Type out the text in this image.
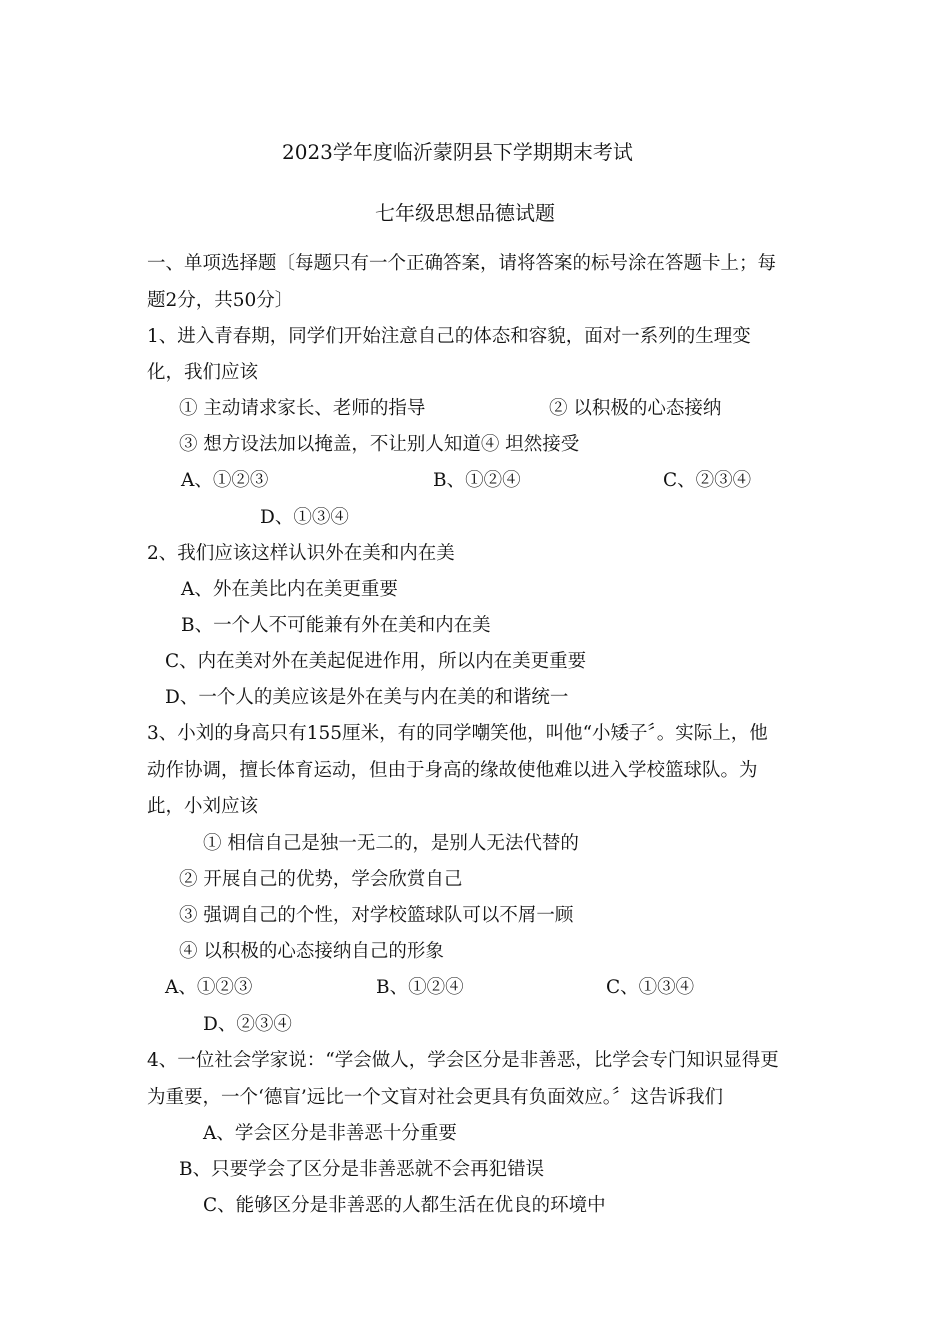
2023学年度临沂蒙阴县下学期期末考试
七年级思想品德试题
一、单项选择题〔每题只有一个正确答案，请将答案的标号涂在答题卡上；每
题2分，共50分〕
1、进入青春期，同学们开始注意自己的体态和容貌，面对一系列的生理变
化，我们应该
① 主动请求家长、老师的指导	② 以积极的心态接纳
③ 想方设法加以掩盖，不让别人知道④ 坦然接受
A、①②③	B、①②④	C、②③④
D、①③④
2、我们应该这样认识外在美和内在美
A、外在美比内在美更重要
B、一个人不可能兼有外在美和内在美
C、内在美对外在美起促进作用，所以内在美更重要
D、一个人的美应该是外在美与内在美的和谐统一
3、小刘的身高只有155厘米，有的同学嘲笑他，叫他“小矮子〞。实际上，他
动作协调，擅长体育运动，但由于身高的缘故使他难以进入学校篮球队。为
此，小刘应该
① 相信自己是独一无二的，是别人无法代替的
② 开展自己的优势，学会欣赏自己
③ 强调自己的个性，对学校篮球队可以不屑一顾
④ 以积极的心态接纳自己的形象
A、①②③	B、①②④	C、①③④
D、②③④
4、一位社会学家说：“学会做人，学会区分是非善恶，比学会专门知识显得更
为重要，一个‘德盲’远比一个文盲对社会更具有负面效应。〞这告诉我们
A、学会区分是非善恶十分重要
B、只要学会了区分是非善恶就不会再犯错误
C、能够区分是非善恶的人都生活在优良的环境中
